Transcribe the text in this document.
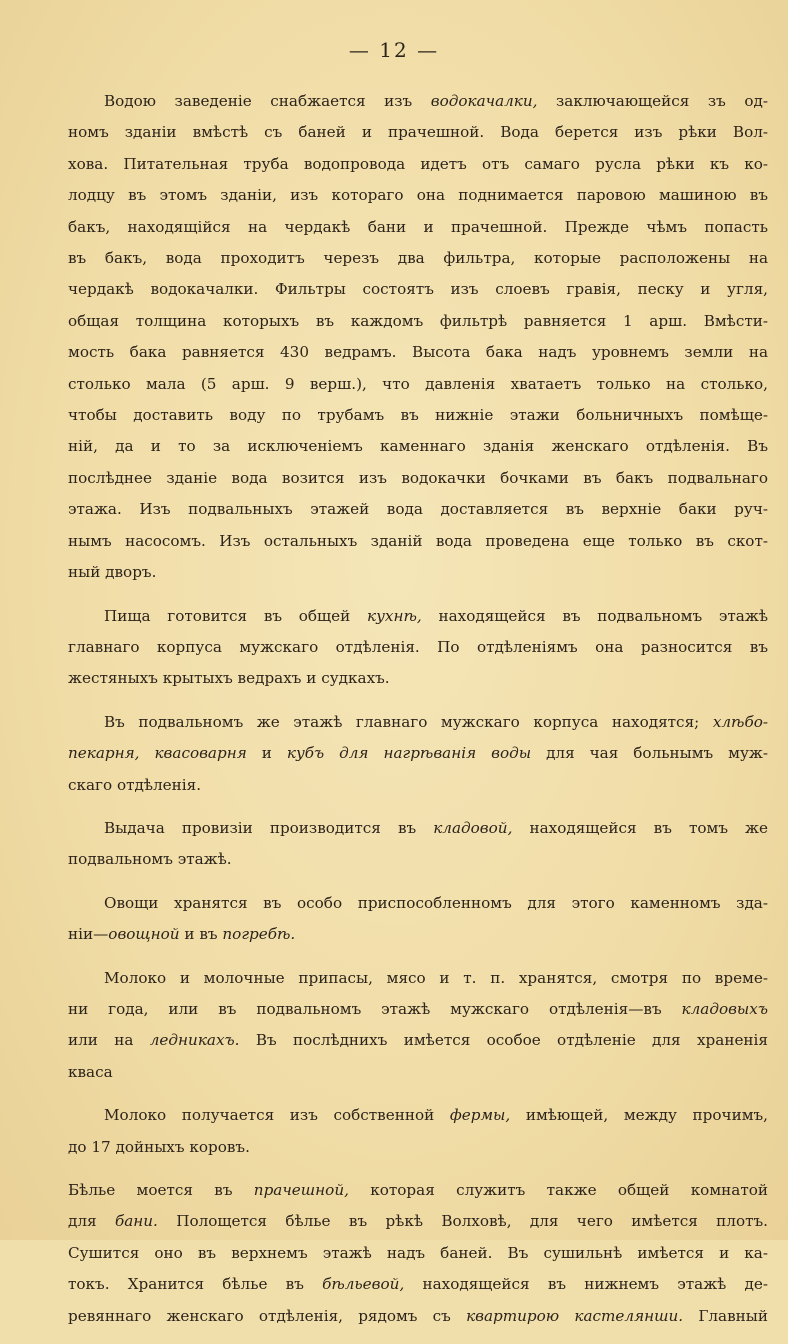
— 12 —
Водою заведеніе снабжается изъ водокачалки, заключающейся зъ од-
номъ зданіи вмѣстѣ съ баней и прачешной. Вода берется изъ рѣки Вол-
хова. Питательная труба водопровода идетъ отъ самаго русла рѣки къ ко-
лодцу въ этомъ зданіи, изъ котораго она поднимается паровою машиною въ
бакъ, находящійся на чердакѣ бани и прачешной. Прежде чѣмъ попасть
въ бакъ, вода проходитъ черезъ два фильтра, которые расположены на
чердакѣ водокачалки. Фильтры состоятъ изъ слоевъ гравія, песку и угля,
общая толщина которыхъ въ каждомъ фильтрѣ равняется 1 арш. Вмѣсти-
мость бака равняется 430 ведрамъ. Высота бака надъ уровнемъ земли на
столько мала (5 арш. 9 верш.), что давленія хватаетъ только на столько,
чтобы доставить воду по трубамъ въ нижніе этажи больничныхъ помѣще-
ній, да и то за исключеніемъ каменнаго зданія женскаго отдѣленія. Въ
послѣднее зданіе вода возится изъ водокачки бочками въ бакъ подвальнаго
этажа. Изъ подвальныхъ этажей вода доставляется въ верхніе баки руч-
нымъ насосомъ. Изъ остальныхъ зданій вода проведена еще только въ скот-
ный дворъ.
Пища готовится въ общей кухнѣ, находящейся въ подвальномъ этажѣ
главнаго корпуса мужскаго отдѣленія. По отдѣленіямъ она разносится въ
жестяныхъ крытыхъ ведрахъ и судкахъ.
Въ подвальномъ же этажѣ главнаго мужскаго корпуса находятся; хлѣбо-
пекарня, квасоварня и кубъ для нагрѣванія воды для чая больнымъ муж-
скаго отдѣленія.
Выдача провизіи производится въ кладовой, находящейся въ томъ же
подвальномъ этажѣ.
Овощи хранятся въ особо приспособленномъ для этого каменномъ зда-
ніи—овощной и въ погребѣ.
Молоко и молочные припасы, мясо и т. п. хранятся, смотря по време-
ни года, или въ подвальномъ этажѣ мужскаго отдѣленія—въ кладовыхъ
или на ледникахъ. Въ послѣднихъ имѣется особое отдѣленіе для храненія
кваса
Молоко получается изъ собственной фермы, имѣющей, между прочимъ,
до 17 дойныхъ коровъ.
Бѣлье моется въ прачешной, которая служитъ также общей комнатой
для бани. Полощется бѣлье въ рѣкѣ Волховѣ, для чего имѣется плотъ.
Сушится оно въ верхнемъ этажѣ надъ баней. Въ сушильнѣ имѣется и ка-
токъ. Хранится бѣлье въ бѣльевой, находящейся въ нижнемъ этажѣ де-
ревяннаго женскаго отдѣленія, рядомъ съ квартирою кастелянши. Главный
